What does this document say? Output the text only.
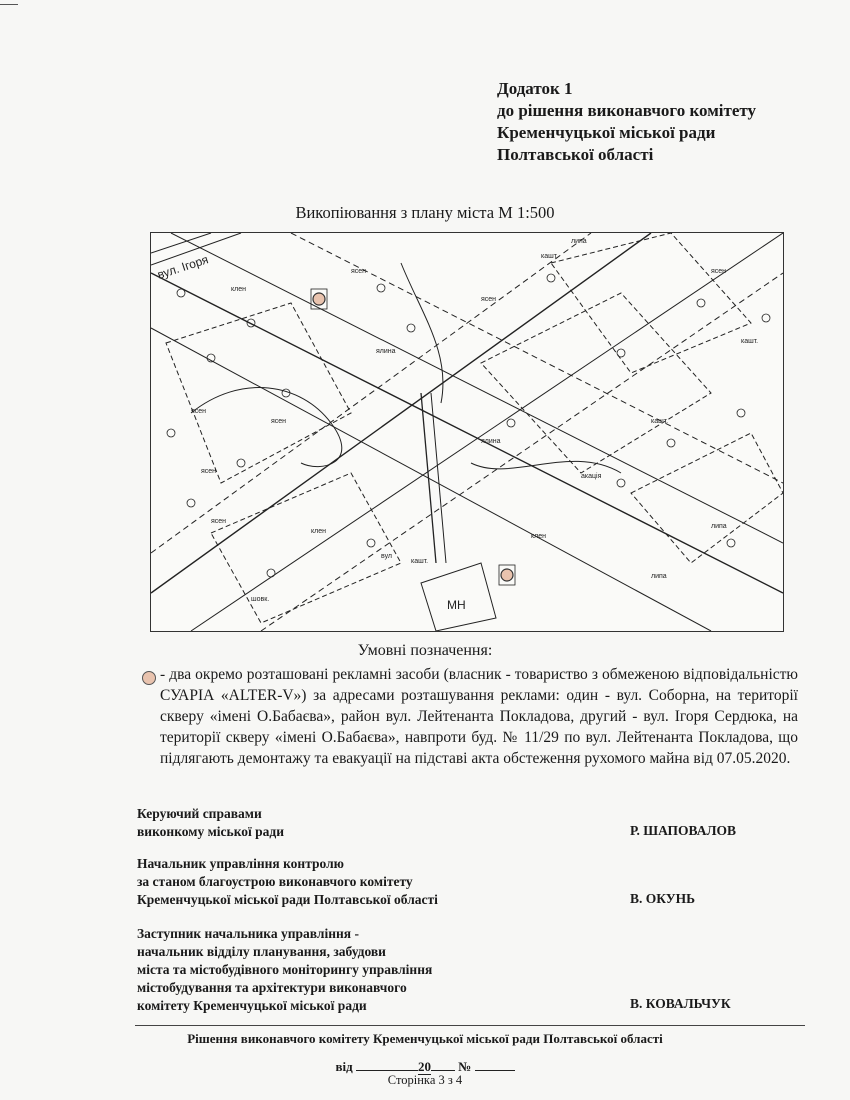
Додаток 1
до рішення виконавчого комітету
Кременчуцької міської ради
Полтавської області
Викопіювання з плану міста М 1:500
клен
ясен
кашт.
липа
ясен
ясен
ясен
ясен
ясен
ясен
кашт.
кашт.
акація
ялина
ялина
кашт.
шовк.
вул
липа
липа
клен
клен
вул. Ігоря
МН
Умовні позначення:
- два окремо розташовані рекламні засоби (власник - товариство з обмеженою відповідальністю СУАРІА «ALTER-V») за адресами розташування реклами: один - вул. Соборна, на території скверу «імені О.Бабаєва», район вул. Лейтенанта Покладова, другий - вул. Ігоря Сердюка, на території скверу «імені О.Бабаєва», навпроти буд. № 11/29 по вул. Лейтенанта Покладова, що підлягають демонтажу та евакуації на підставі акта обстеження рухомого майна від 07.05.2020.
Керуючий справами
виконкому міської ради	Р. ШАПОВАЛОВ
Начальник управління контролю
за станом благоустрою виконавчого комітету
Кременчуцької міської ради Полтавської області	В. ОКУНЬ
Заступник начальника управління -
начальник відділу планування, забудови
міста та містобудівного моніторингу управління
містобудування та архітектури виконавчого
комітету Кременчуцької міської ради	В. КОВАЛЬЧУК
Рішення виконавчого комітету Кременчуцької міської ради Полтавської області
від	20 №
Сторінка 3 з 4
